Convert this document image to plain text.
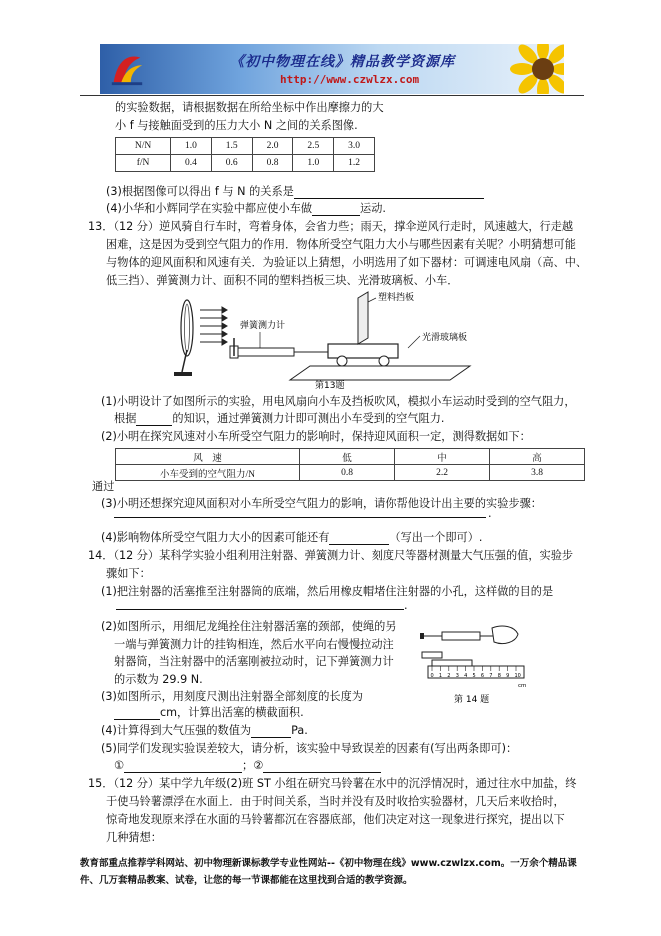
《初中物理在线》精品教学资源库
http://www.czwlzx.com
的实验数据，请根据数据在所给坐标中作出摩擦力的大
小 f 与接触面受到的压力大小 N 之间的关系图像.
N/N	1.0	1.5	2.0	2.5	3.0
f/N	0.4	0.6	0.8	1.0	1.2
(3)根据图像可以得出 f 与 N 的关系是
(4)小华和小辉同学在实验中都应使小车做	运动.
13．（12 分）逆风骑自行车时，弯着身体，会省力些；雨天，撑伞逆风行走时，风速越大，行走越
困难，这是因为受到空气阻力的作用．物体所受空气阻力大小与哪些因素有关呢？小明猜想可能
与物体的迎风面积和风速有关．为验证以上猜想，小明选用了如下器材：可调速电风扇（高、中、
低三挡）、弹簧测力计、面积不同的塑料挡板三块、光滑玻璃板、小车．
弹簧测力计
塑料挡板
光滑玻璃板
第13题
(1)小明设计了如图所示的实验，用电风扇向小车及挡板吹风，模拟小车运动时受到的空气阻力，
根据	的知识，通过弹簧测力计即可测出小车受到的空气阻力.
(2)小明在探究风速对小车所受空气阻力的影响时，保持迎风面积一定，测得数据如下：
风　速	低	中	高
小车受到的空气阻力/N	0.8	2.2	3.8
通过
(3)小明还想探究迎风面积对小车所受空气阻力的影响，请你帮他设计出主要的实验步骤：
.
(4)影响物体所受空气阻力大小的因素可能还有	（写出一个即可）.
14．（12 分）某科学实验小组利用注射器、弹簧测力计、刻度尺等器材测量大气压强的值，实验步
骤如下：
(1)把注射器的活塞推至注射器筒的底端，然后用橡皮帽堵住注射器的小孔，这样做的目的是
.
(2)如图所示，用细尼龙绳拴住注射器活塞的颈部，使绳的另
一端与弹簧测力计的挂钩相连，然后水平向右慢慢拉动注
射器筒，当注射器中的活塞刚被拉动时，记下弹簧测力计
的示数为 29.9 N.	0 1 2 3 4 5 6 7 8 9 10
cm
第 14 题
(3)如图所示，用刻度尺测出注射器全部刻度的长度为
cm，计算出活塞的横截面积.
(4)计算得到大气压强的数值为	Pa.
(5)同学们发现实验误差较大，请分析，该实验中导致误差的因素有(写出两条即可)：
①	；②
15．（12 分）某中学九年级(2)班 ST 小组在研究马铃薯在水中的沉浮情况时，通过往水中加盐，终
于使马铃薯漂浮在水面上．由于时间关系，当时并没有及时收拾实验器材，几天后来收拾时，
惊奇地发现原来浮在水面的马铃薯都沉在容器底部，他们决定对这一现象进行探究，提出以下
几种猜想：
教育部重点推荐学科网站、初中物理新课标教学专业性网站--《初中物理在线》www.czwlzx.com。一万余个精品课
件、几万套精品教案、试卷，让您的每一节课都能在这里找到合适的教学资源。
